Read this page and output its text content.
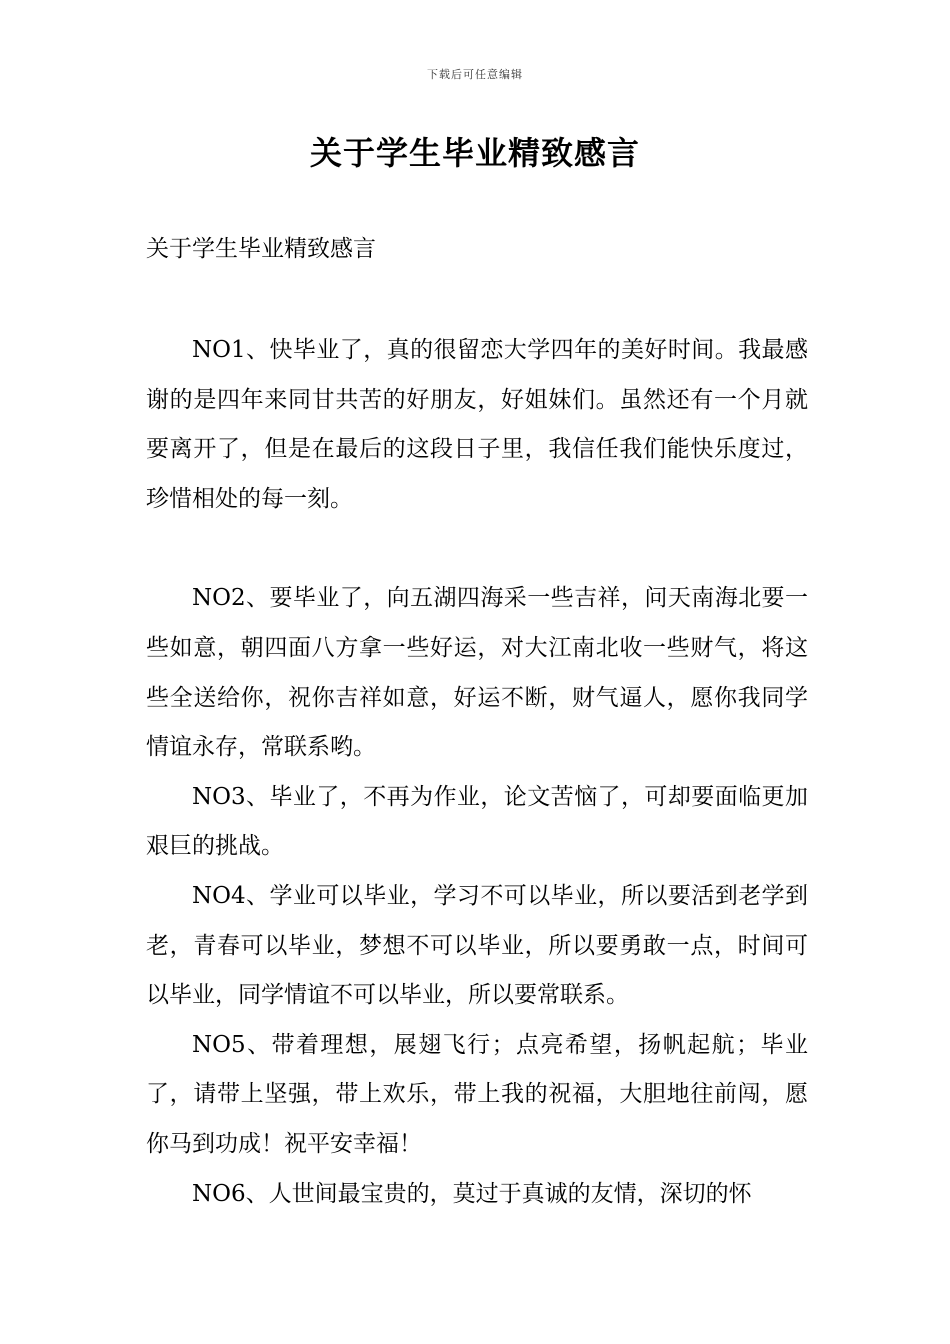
下载后可任意编辑
关于学生毕业精致感言

关于学生毕业精致感言

NO1、快毕业了，真的很留恋大学四年的美好时间。我最感谢的是四年来同甘共苦的好朋友，好姐妹们。虽然还有一个月就要离开了，但是在最后的这段日子里，我信任我们能快乐度过，珍惜相处的每一刻。

NO2、要毕业了，向五湖四海采一些吉祥，问天南海北要一些如意，朝四面八方拿一些好运，对大江南北收一些财气，将这些全送给你，祝你吉祥如意，好运不断，财气逼人，愿你我同学情谊永存，常联系哟。

NO3、毕业了，不再为作业，论文苦恼了，可却要面临更加艰巨的挑战。

NO4、学业可以毕业，学习不可以毕业，所以要活到老学到老，青春可以毕业，梦想不可以毕业，所以要勇敢一点，时间可以毕业，同学情谊不可以毕业，所以要常联系。

NO5、带着理想，展翅飞行；点亮希望，扬帆起航；毕业了，请带上坚强，带上欢乐，带上我的祝福，大胆地往前闯，愿你马到功成！祝平安幸福！

NO6、人世间最宝贵的，莫过于真诚的友情，深切的怀
